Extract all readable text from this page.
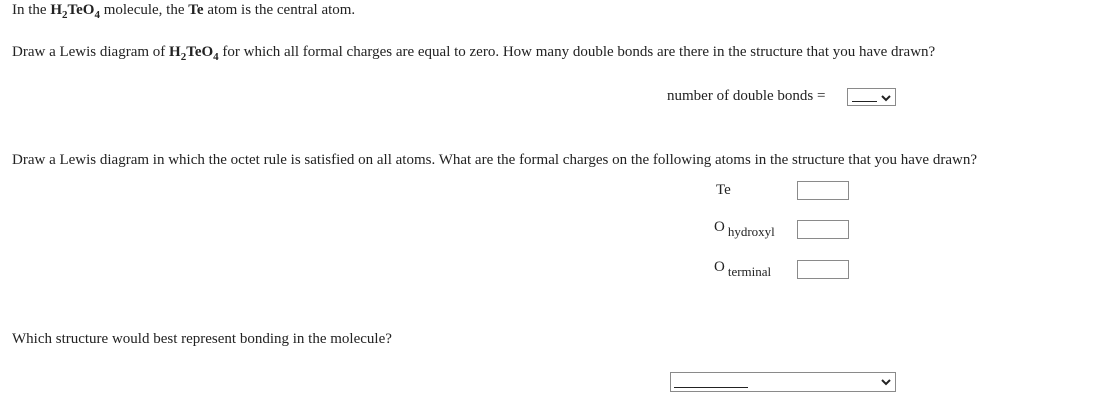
In the $H_2TeO_4$ molecule, the Te atom is the central atom.
Draw a Lewis diagram of $H_2TeO_4$ for which all formal charges are equal to zero. How many double bonds are there in the structure that you have drawn?
number of double bonds =
Draw a Lewis diagram in which the octet rule is satisfied on all atoms. What are the formal charges on the following atoms in the structure that you have drawn?
Te
O hydroxyl
O terminal
Which structure would best represent bonding in the molecule?
